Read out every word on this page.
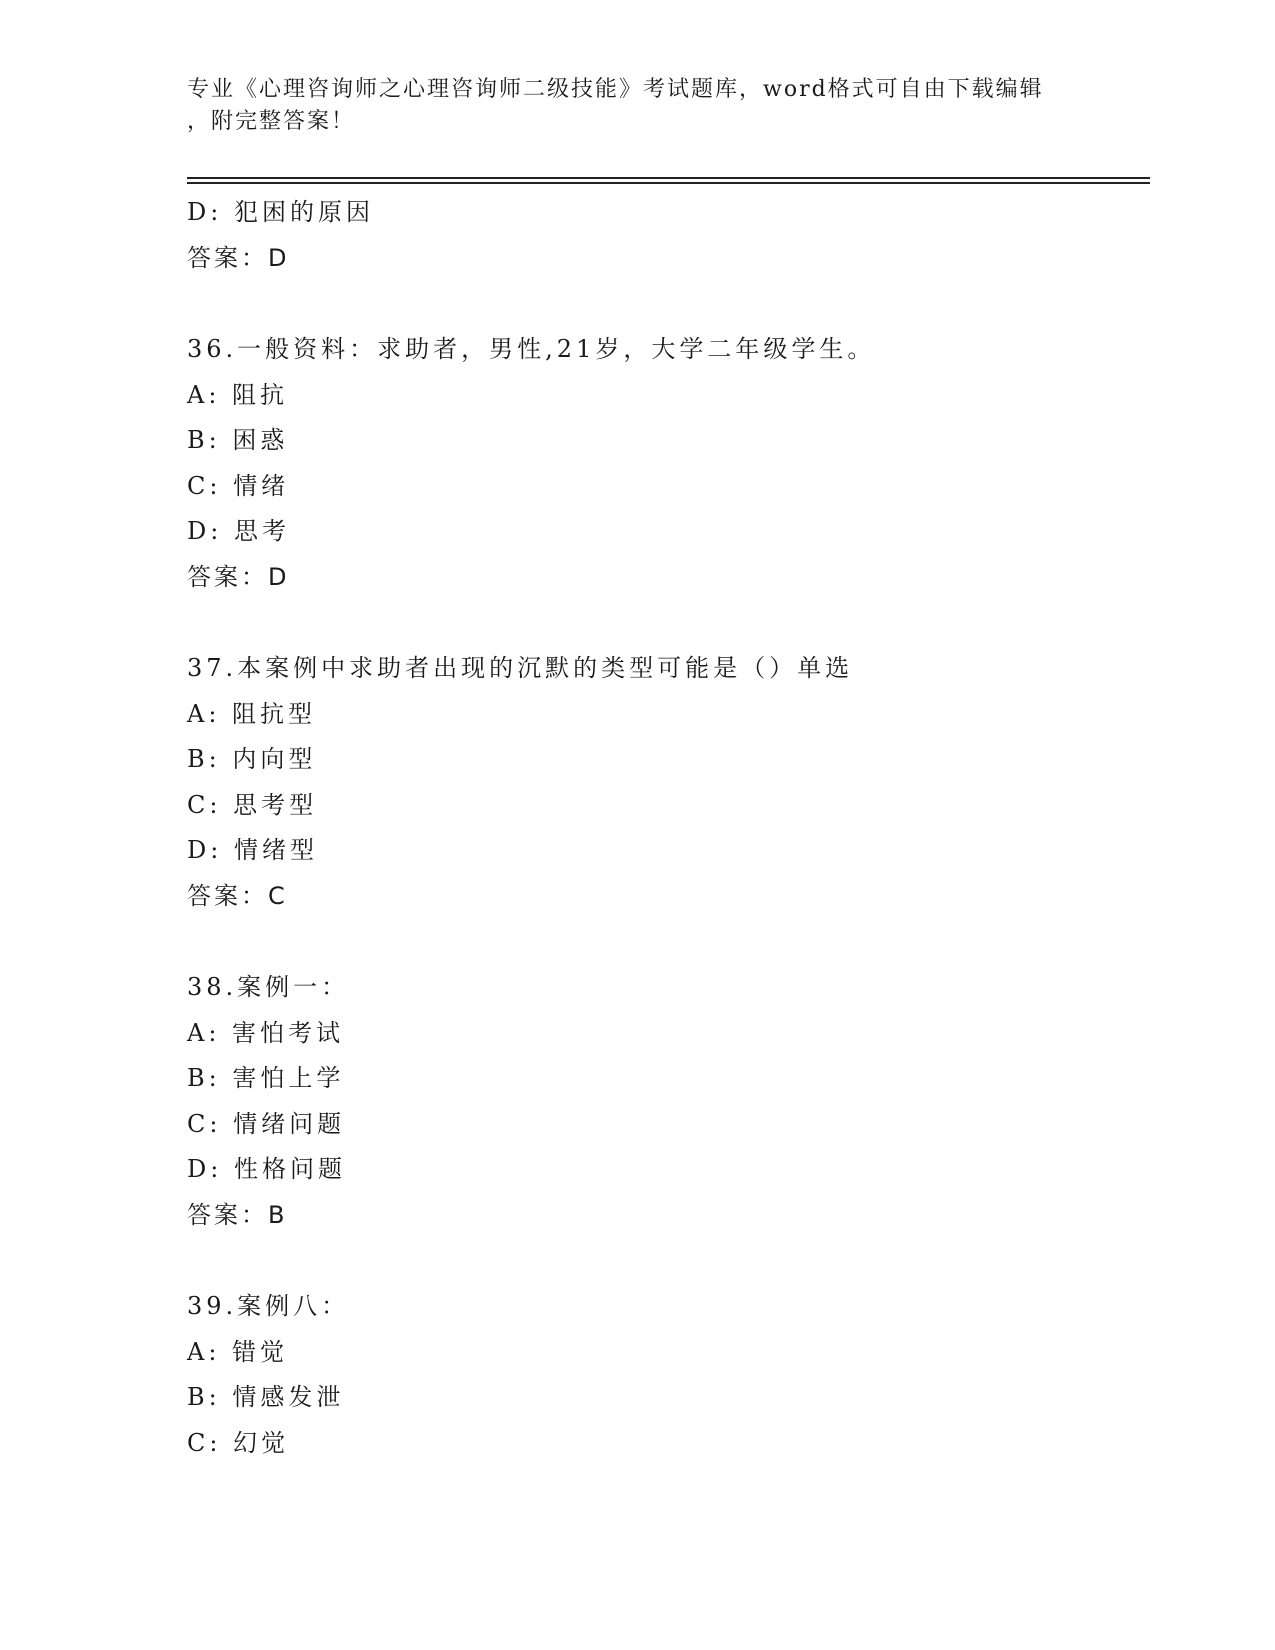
专业《心理咨询师之心理咨询师二级技能》考试题库，word格式可自由下载编辑
，附完整答案！
D: 犯困的原因
答案：D
36.一般资料：求助者，男性,21岁，大学二年级学生。
A: 阻抗
B: 困惑
C: 情绪
D: 思考
答案：D
37.本案例中求助者出现的沉默的类型可能是（）单选
A: 阻抗型
B: 内向型
C: 思考型
D: 情绪型
答案：C
38.案例一：
A: 害怕考试
B: 害怕上学
C: 情绪问题
D: 性格问题
答案：B
39.案例八：
A: 错觉
B: 情感发泄
C: 幻觉
